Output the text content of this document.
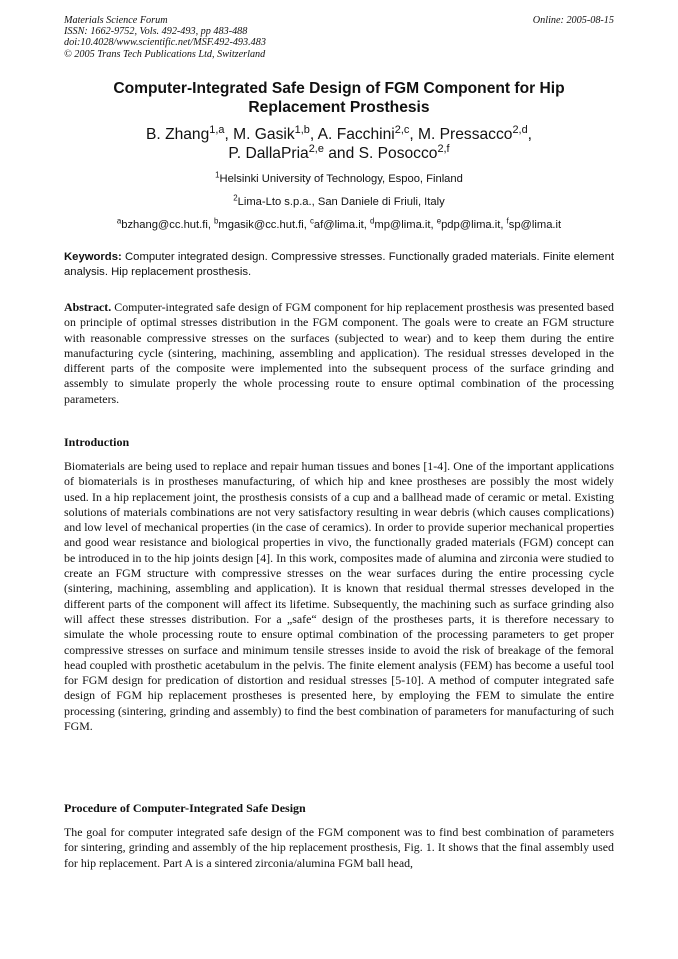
Materials Science Forum
ISSN: 1662-9752, Vols. 492-493, pp 483-488
doi:10.4028/www.scientific.net/MSF.492-493.483
© 2005 Trans Tech Publications Ltd, Switzerland
Online: 2005-08-15
Computer-Integrated Safe Design of FGM Component for Hip Replacement Prosthesis
B. Zhang$^{1,a}$, M. Gasik$^{1,b}$, A. Facchini$^{2,c}$, M. Pressacco$^{2,d}$,
P. DallaPria$^{2,e}$ and S. Posocco$^{2,f}$
$^1$Helsinki University of Technology, Espoo, Finland
$^2$Lima-Lto s.p.a., San Daniele di Friuli, Italy
$^a$bzhang@cc.hut.fi, $^b$mgasik@cc.hut.fi, $^c$af@lima.it, $^d$mp@lima.it, $^e$pdp@lima.it, $^f$sp@lima.it
Keywords: Computer integrated design. Compressive stresses. Functionally graded materials. Finite element analysis. Hip replacement prosthesis.

Abstract. Computer-integrated safe design of FGM component for hip replacement prosthesis was presented based on principle of optimal stresses distribution in the FGM component. The goals were to create an FGM structure with reasonable compressive stresses on the surfaces (subjected to wear) and to keep them during the entire manufacturing cycle (sintering, machining, assembling and application). The residual stresses developed in the different parts of the composite were implemented into the subsequent process of the surface grinding and assembly to simulate properly the whole processing route to ensure optimal combination of the processing parameters.

Introduction

Biomaterials are being used to replace and repair human tissues and bones [1-4]. One of the important applications of biomaterials is in prostheses manufacturing, of which hip and knee prostheses are possibly the most widely used. In a hip replacement joint, the prosthesis consists of a cup and a ballhead made of ceramic or metal. Existing solutions of materials combinations are not very satisfactory resulting in wear debris (which causes complications) and low level of mechanical properties (in the case of ceramics). In order to provide superior mechanical properties and good wear resistance and biological properties in vivo, the functionally graded materials (FGM) concept can be introduced in to the hip joints design [4]. In this work, composites made of alumina and zirconia were studied to create an FGM structure with compressive stresses on the wear surfaces during the entire processing cycle (sintering, machining, assembling and application). It is known that residual thermal stresses developed in the different parts of the component will affect its lifetime. Subsequently, the machining such as surface grinding also will affect these stresses distribution. For a „safe“ design of the prostheses parts, it is therefore necessary to simulate the whole processing route to ensure optimal combination of the processing parameters to get proper compressive stresses on surface and minimum tensile stresses inside to avoid the risk of breakage of the femoral head coupled with prosthetic acetabulum in the pelvis. The finite element analysis (FEM) has become a useful tool for FGM design for predication of distortion and residual stresses [5-10]. A method of computer integrated safe design of FGM hip replacement prostheses is presented here, by employing the FEM to simulate the entire processing (sintering, grinding and assembly) to find the best combination of parameters for manufacturing of such FGM.

Procedure of Computer-Integrated Safe Design

The goal for computer integrated safe design of the FGM component was to find best combination of parameters for sintering, grinding and assembly of the hip replacement prosthesis, Fig. 1. It shows that the final assembly used for hip replacement. Part A is a sintered zirconia/alumina FGM ball head,
